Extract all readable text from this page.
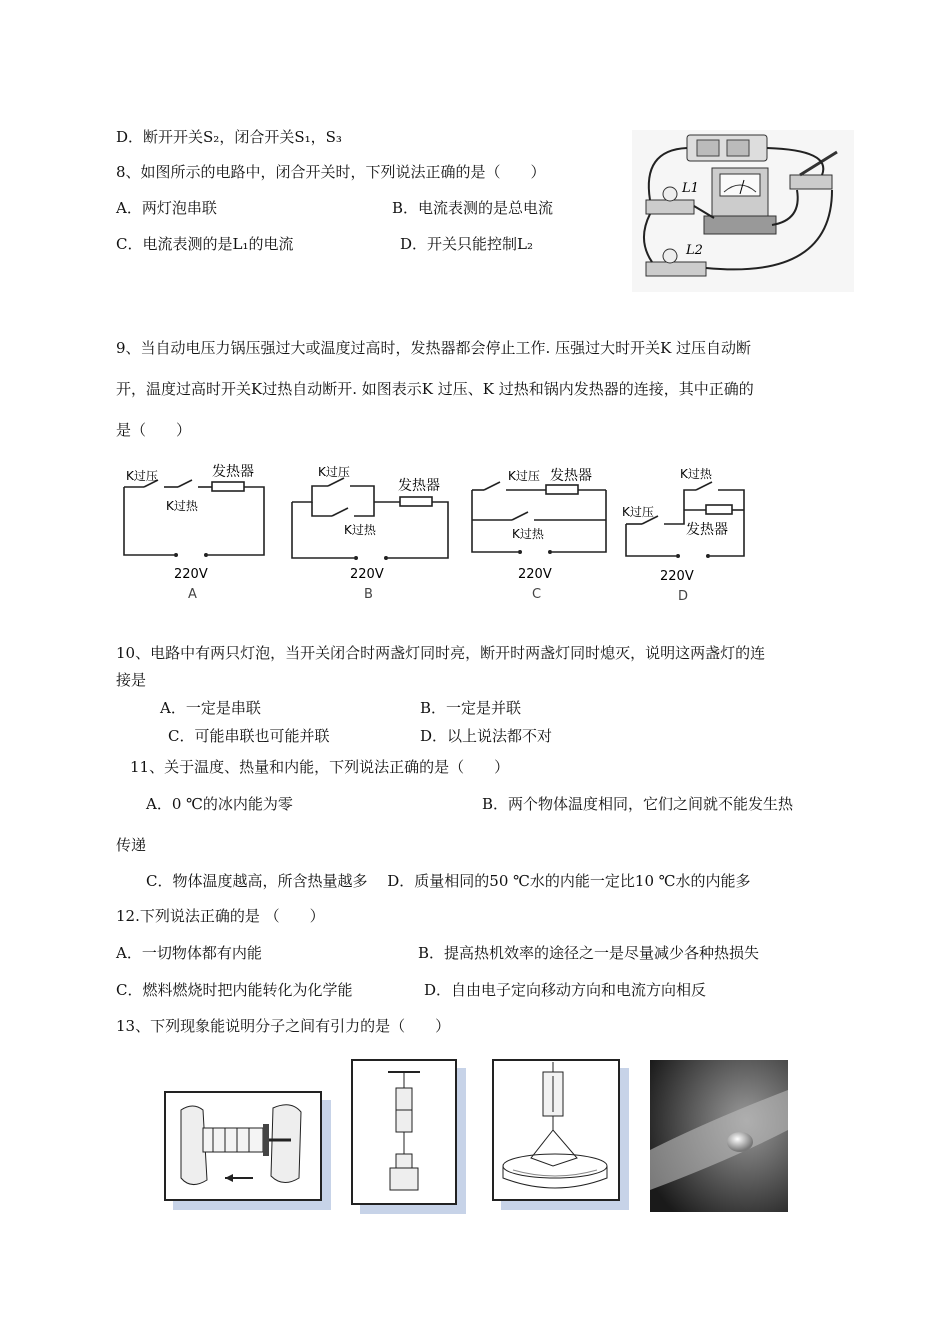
D．断开开关S₂，闭合开关S₁，S₃
8、如图所示的电路中，闭合开关时，下列说法正确的是（　　）
A．两灯泡串联	B．电流表测的是总电流
C．电流表测的是L₁的电流	D．开关只能控制L₂
L1
L2
9、当自动电压力锅压强过大或温度过高时，发热器都会停止工作. 压强过大时开关K 过压自动断
开，温度过高时开关K过热自动断开. 如图表示K 过压、K 过热和锅内发热器的连接，其中正确的
是（　　）
K过压
K过热
发热器
220V
A
K过压
K过热
发热器
220V
B
K过压
K过热
发热器
220V
C
K过热
K过压
发热器
220V
D
10、电路中有两只灯泡，当开关闭合时两盏灯同时亮，断开时两盏灯同时熄灭，说明这两盏灯的连
接是
A．一定是串联	B．一定是并联
C．可能串联也可能并联	D．以上说法都不对
11、关于温度、热量和内能，下列说法正确的是（　　）
A．0 ℃的冰内能为零	B．两个物体温度相同，它们之间就不能发生热
传递
C．物体温度越高，所含热量越多　 D．质量相同的50 ℃水的内能一定比10 ℃水的内能多
12.下列说法正确的是 （　　）
A．一切物体都有内能	B．提高热机效率的途径之一是尽量减少各种热损失
C．燃料燃烧时把内能转化为化学能	D．自由电子定向移动方向和电流方向相反
13、下列现象能说明分子之间有引力的是（　　）
